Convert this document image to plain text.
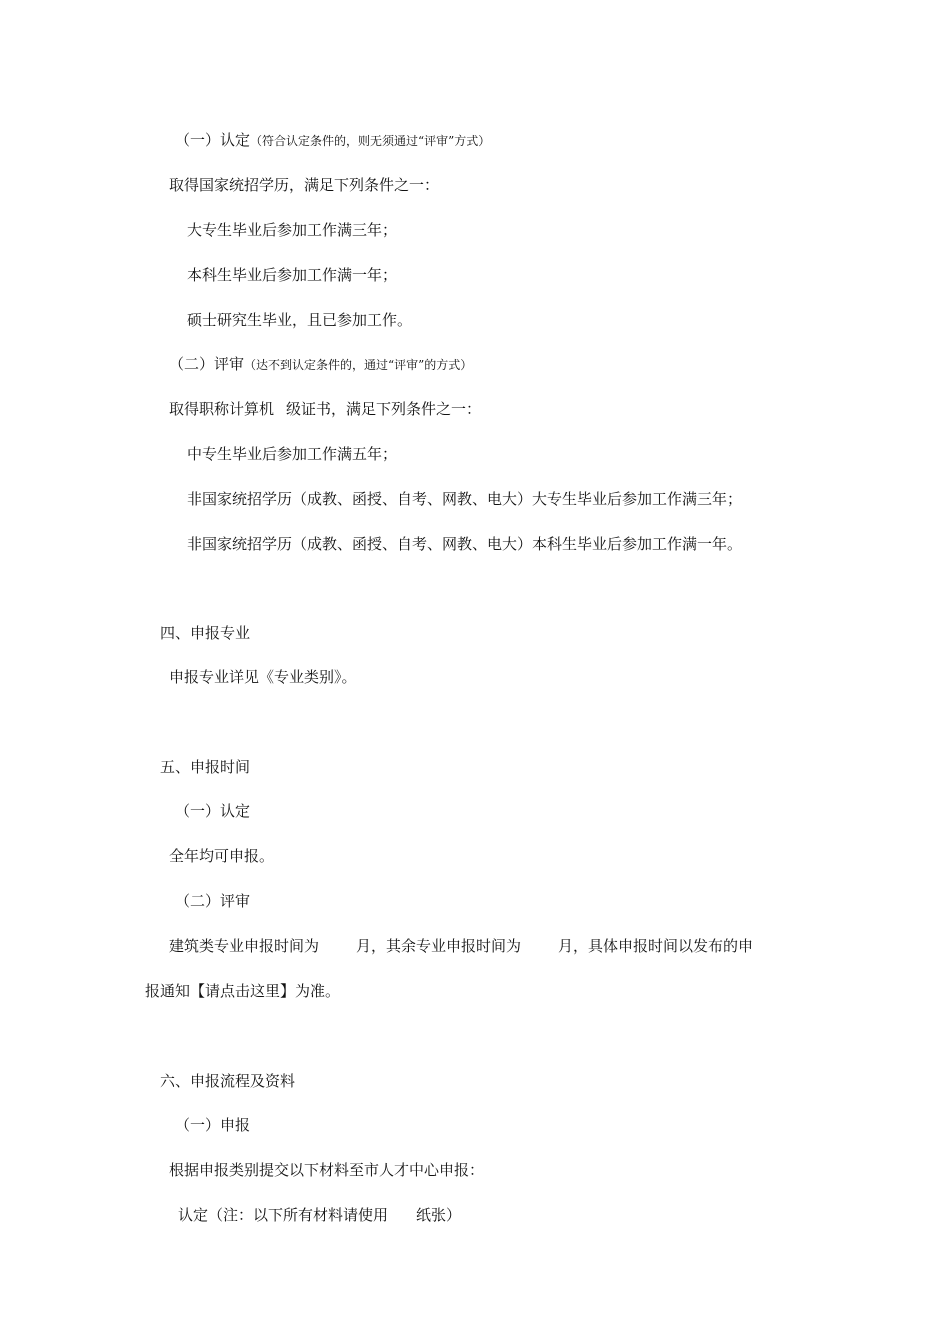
（一）认定（符合认定条件的，则无须通过“评审”方式）
取得国家统招学历，满足下列条件之一：
大专生毕业后参加工作满三年；
本科生毕业后参加工作满一年；
硕士研究生毕业，且已参加工作。
（二）评审（达不到认定条件的，通过“评审”的方式）
取得职称计算机 级证书，满足下列条件之一：
中专生毕业后参加工作满五年；
非国家统招学历（成教、函授、自考、网教、电大）大专生毕业后参加工作满三年；
非国家统招学历（成教、函授、自考、网教、电大）本科生毕业后参加工作满一年。
四、申报专业
申报专业详见《专业类别》。
五、申报时间
（一）认定
全年均可申报。
（二）评审
建筑类专业申报时间为 月，其余专业申报时间为 月，具体申报时间以发布的申
报通知【请点击这里】为准。
六、申报流程及资料
（一）申报
根据申报类别提交以下材料至市人才中心申报：
认定（注：以下所有材料请使用 纸张）
